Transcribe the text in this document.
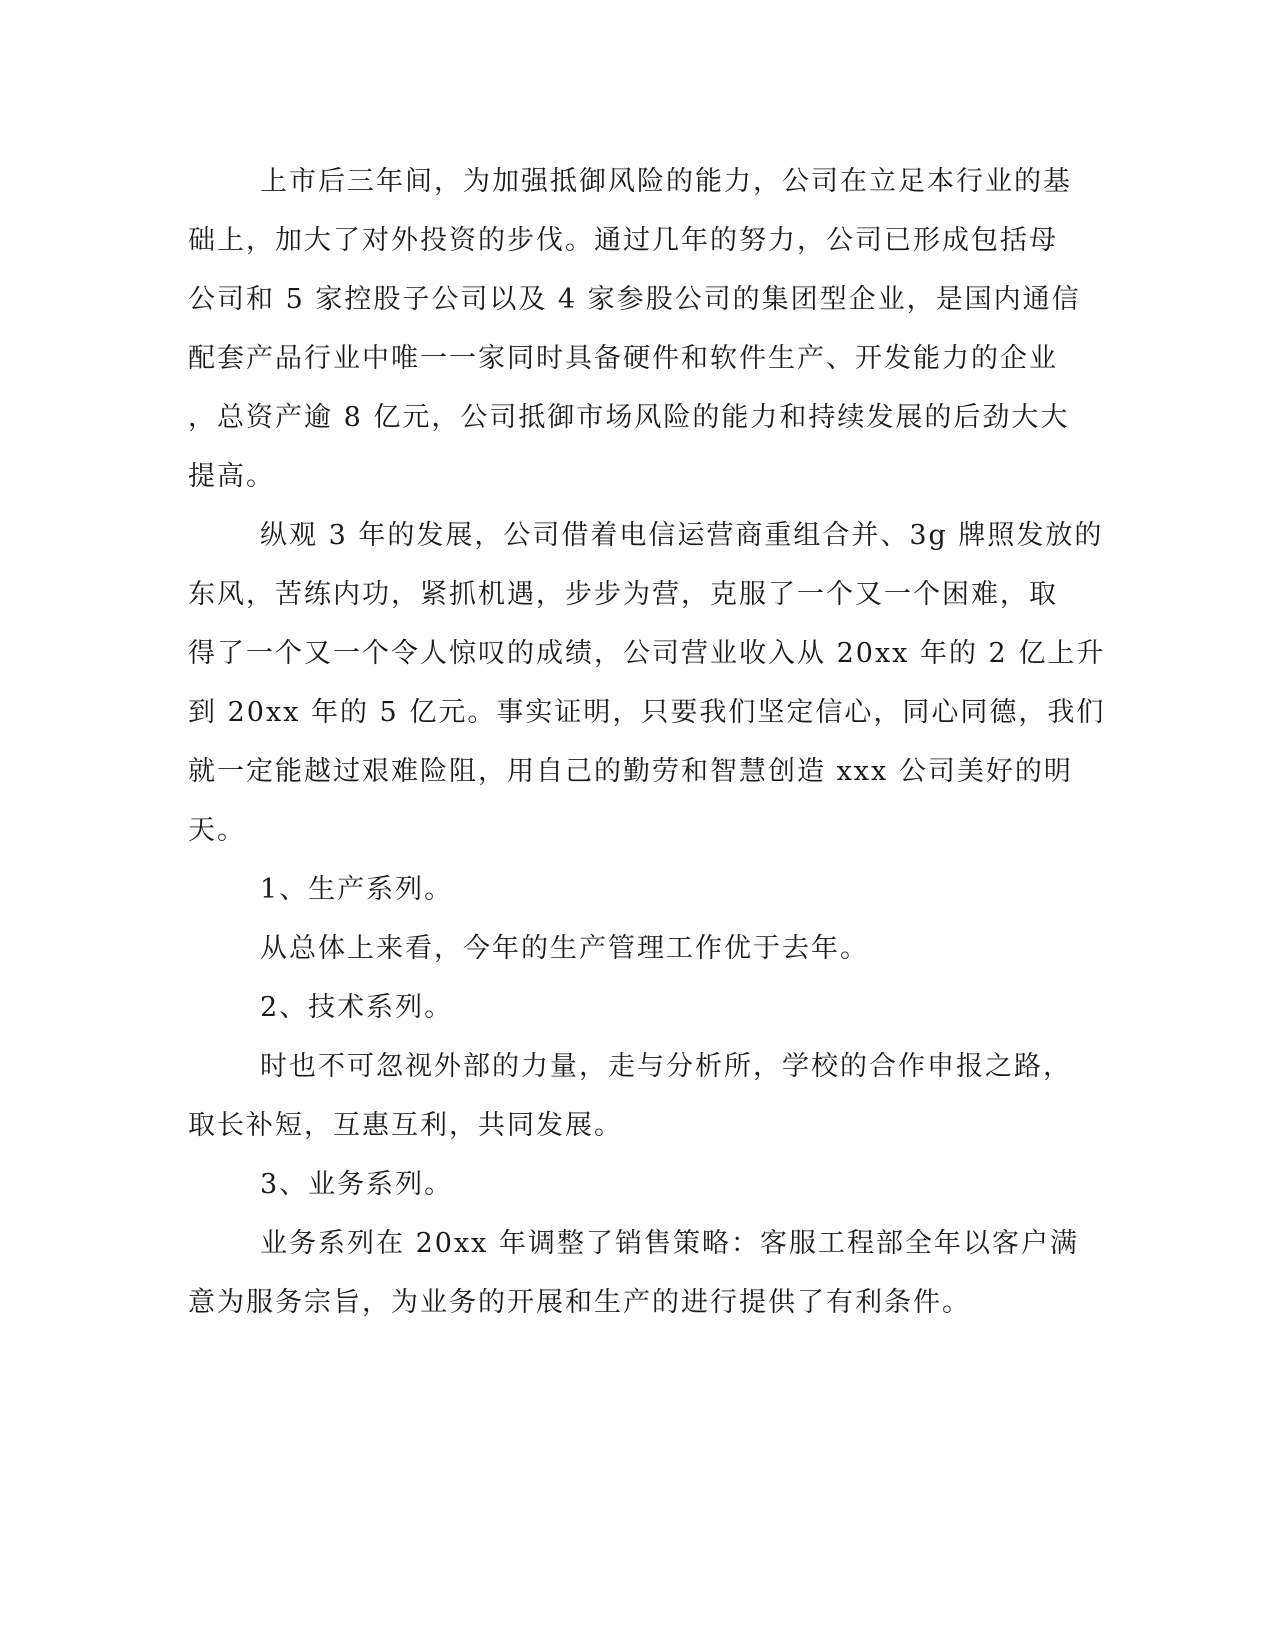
上市后三年间，为加强抵御风险的能力，公司在立足本行业的基
础上，加大了对外投资的步伐。通过几年的努力，公司已形成包括母
公司和 5 家控股子公司以及 4 家参股公司的集团型企业，是国内通信
配套产品行业中唯一一家同时具备硬件和软件生产、开发能力的企业
，总资产逾 8 亿元，公司抵御市场风险的能力和持续发展的后劲大大
提高。
纵观 3 年的发展，公司借着电信运营商重组合并、3g 牌照发放的
东风，苦练内功，紧抓机遇，步步为营，克服了一个又一个困难，取
得了一个又一个令人惊叹的成绩，公司营业收入从 20xx 年的 2 亿上升
到 20xx 年的 5 亿元。事实证明，只要我们坚定信心，同心同德，我们
就一定能越过艰难险阻，用自己的勤劳和智慧创造 xxx 公司美好的明
天。
1、生产系列。
从总体上来看，今年的生产管理工作优于去年。
2、技术系列。
时也不可忽视外部的力量，走与分析所，学校的合作申报之路，
取长补短，互惠互利，共同发展。
3、业务系列。
业务系列在 20xx 年调整了销售策略：客服工程部全年以客户满
意为服务宗旨，为业务的开展和生产的进行提供了有利条件。
